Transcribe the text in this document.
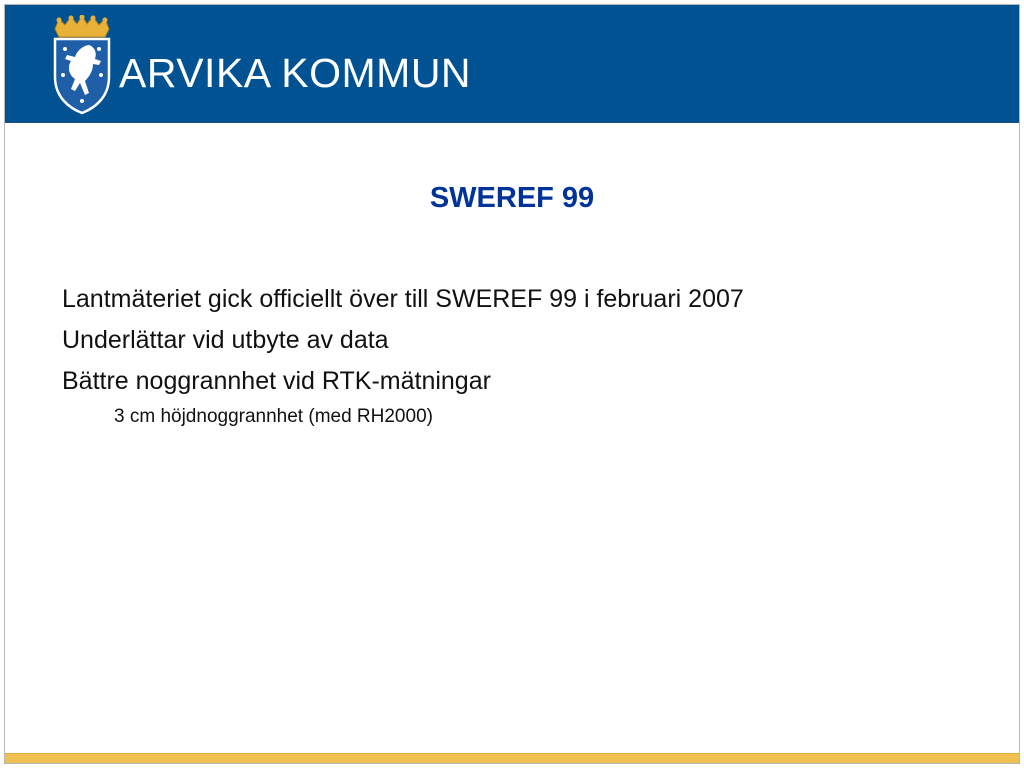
ARVIKA KOMMUN
SWEREF 99
Lantmäteriet gick officiellt över till SWEREF 99 i februari 2007
Underlättar vid utbyte av data
Bättre noggrannhet vid RTK-mätningar
3 cm höjdnoggrannhet (med RH2000)
